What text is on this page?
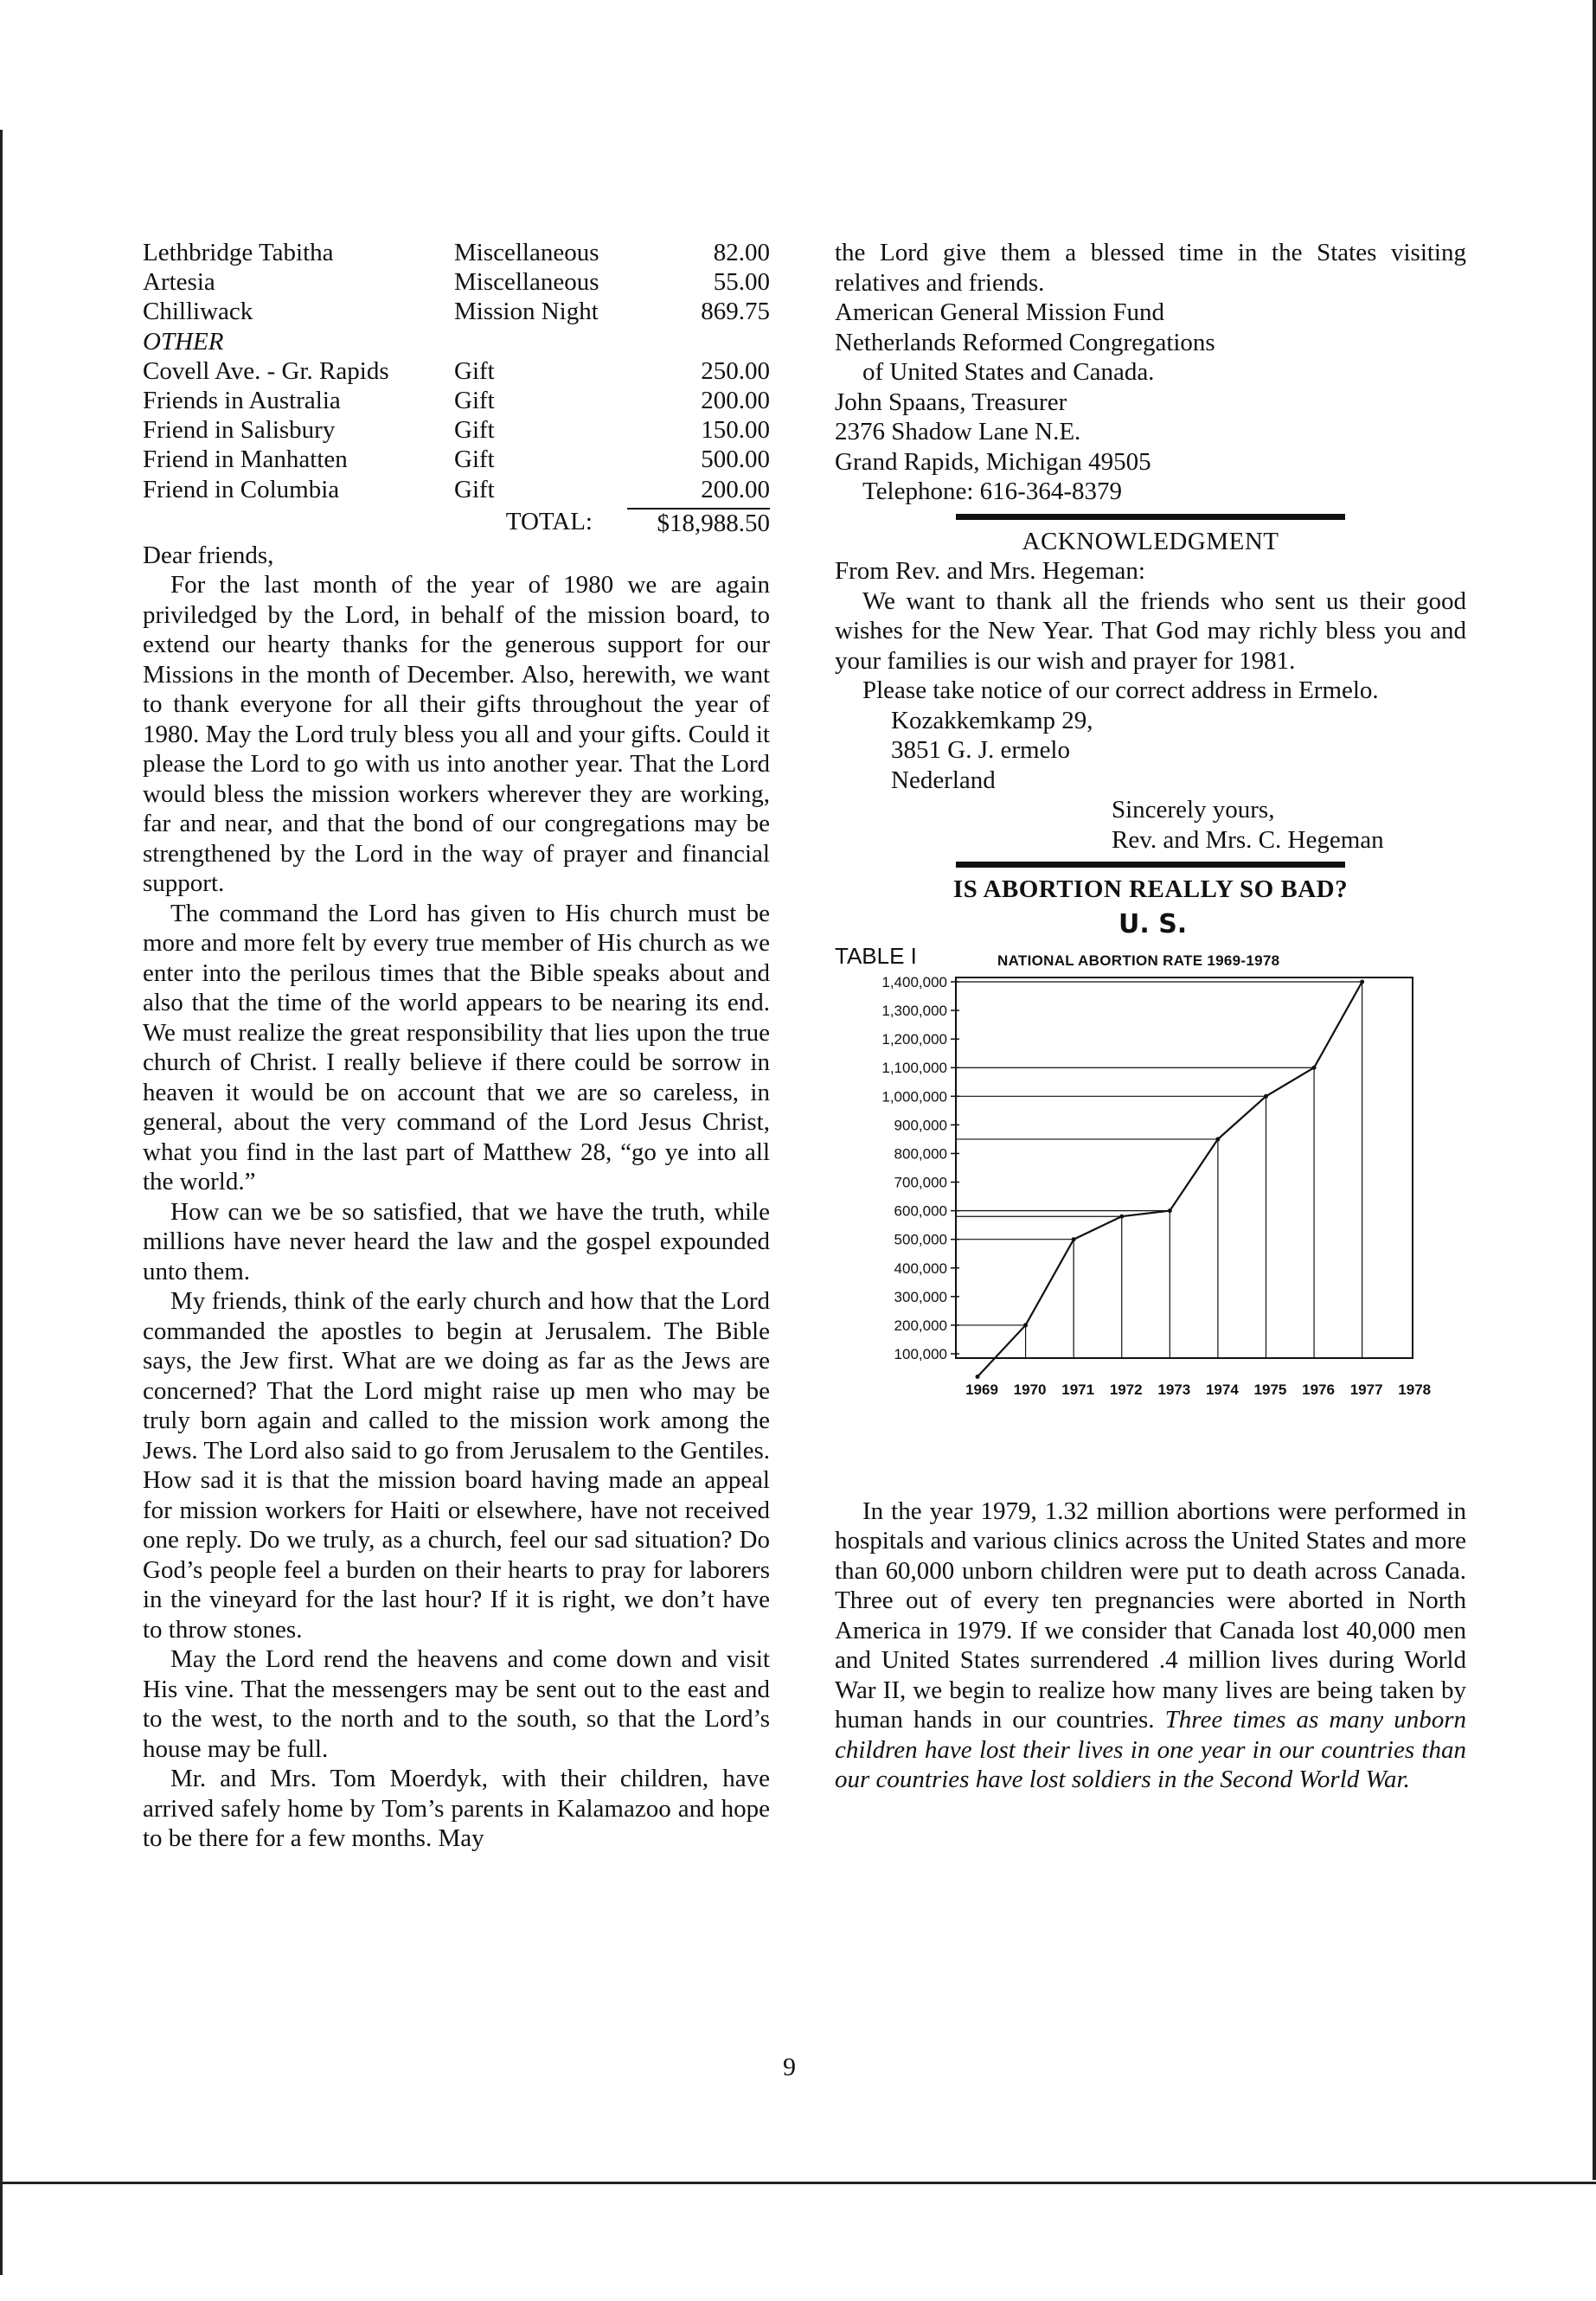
Lethbridge Tabitha	Miscellaneous	82.00
Artesia	Miscellaneous	55.00
Chilliwack	Mission Night	869.75
OTHER
Covell Ave. - Gr. Rapids	Gift	250.00
Friends in Australia	Gift	200.00
Friend in Salisbury	Gift	150.00
Friend in Manhatten	Gift	500.00
Friend in Columbia	Gift	200.00
TOTAL:	$18,988.50

Dear friends,

For the last month of the year of 1980 we are again priviledged by the Lord, in behalf of the mission board, to extend our hearty thanks for the generous support for our Missions in the month of December. Also, herewith, we want to thank everyone for all their gifts throughout the year of 1980. May the Lord truly bless you all and your gifts. Could it please the Lord to go with us into another year. That the Lord would bless the mission workers wherever they are working, far and near, and that the bond of our congregations may be strengthened by the Lord in the way of prayer and financial support.

The command the Lord has given to His church must be more and more felt by every true member of His church as we enter into the perilous times that the Bible speaks about and also that the time of the world appears to be nearing its end. We must realize the great responsibility that lies upon the true church of Christ. I really believe if there could be sorrow in heaven it would be on account that we are so careless, in general, about the very command of the Lord Jesus Christ, what you find in the last part of Matthew 28, “go ye into all the world.”

How can we be so satisfied, that we have the truth, while millions have never heard the law and the gospel expounded unto them.

My friends, think of the early church and how that the Lord commanded the apostles to begin at Jerusalem. The Bible says, the Jew first. What are we doing as far as the Jews are concerned? That the Lord might raise up men who may be truly born again and called to the mission work among the Jews. The Lord also said to go from Jerusalem to the Gentiles. How sad it is that the mission board having made an appeal for mission workers for Haiti or elsewhere, have not received one reply. Do we truly, as a church, feel our sad situation? Do God’s people feel a burden on their hearts to pray for laborers in the vineyard for the last hour? If it is right, we don’t have to throw stones.

May the Lord rend the heavens and come down and visit His vine. That the messengers may be sent out to the east and to the west, to the north and to the south, so that the Lord’s house may be full.

Mr. and Mrs. Tom Moerdyk, with their children, have arrived safely home by Tom’s parents in Kalamazoo and hope to be there for a few months. May

the Lord give them a blessed time in the States visiting relatives and friends.

American General Mission Fund
Netherlands Reformed Congregations
of United States and Canada.
John Spaans, Treasurer
2376 Shadow Lane N.E.
Grand Rapids, Michigan 49505
Telephone: 616-364-8379
ACKNOWLEDGMENT
From Rev. and Mrs. Hegeman:

We want to thank all the friends who sent us their good wishes for the New Year. That God may richly bless you and your families is our wish and prayer for 1981.

Please take notice of our correct address in Ermelo.

Kozakkemkamp 29,
3851 G. J. ermelo
Nederland
Sincerely yours,
Rev. and Mrs. C. Hegeman
IS ABORTION REALLY SO BAD?
U. S.
TABLE I	NATIONAL ABORTION RATE 1969-1978
1,400,000
1,300,000
1,200,000
1,100,000
1,000,000
900,000
800,000
700,000
600,000
500,000
400,000
300,000
200,000
100,000
1969 1970 1971 1972 1973 1974 1975 1976 1977 1978

In the year 1979, 1.32 million abortions were performed in hospitals and various clinics across the United States and more than 60,000 unborn children were put to death across Canada. Three out of every ten pregnancies were aborted in North America in 1979. If we consider that Canada lost 40,000 men and United States surrendered .4 million lives during World War II, we begin to realize how many lives are being taken by human hands in our countries. Three times as many unborn children have lost their lives in one year in our countries than our countries have lost soldiers in the Second World War.

9
